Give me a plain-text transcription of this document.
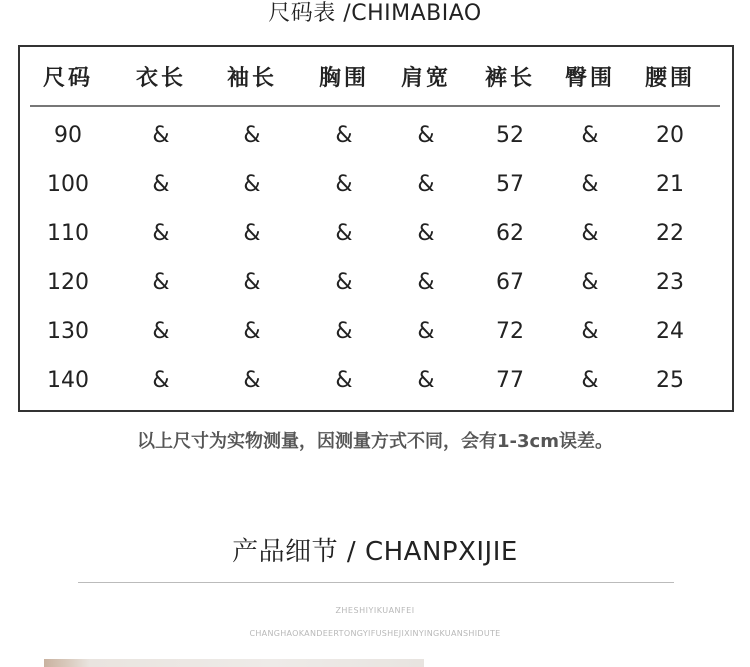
尺码表 /CHIMABIAO
尺码	衣长	袖长	胸围	肩宽	裤长	臀围	腰围
90	&	&	&	&	52	&	20
100	&	&	&	&	57	&	21
110	&	&	&	&	62	&	22
120	&	&	&	&	67	&	23
130	&	&	&	&	72	&	24
140	&	&	&	&	77	&	25
以上尺寸为实物测量，因测量方式不同，会有1-3cm误差。
产品细节 / CHANPXIJIE
ZHESHIYIKUANFEI
CHANGHAOKANDEERTONGYIFUSHEJIXINYINGKUANSHIDUTE
